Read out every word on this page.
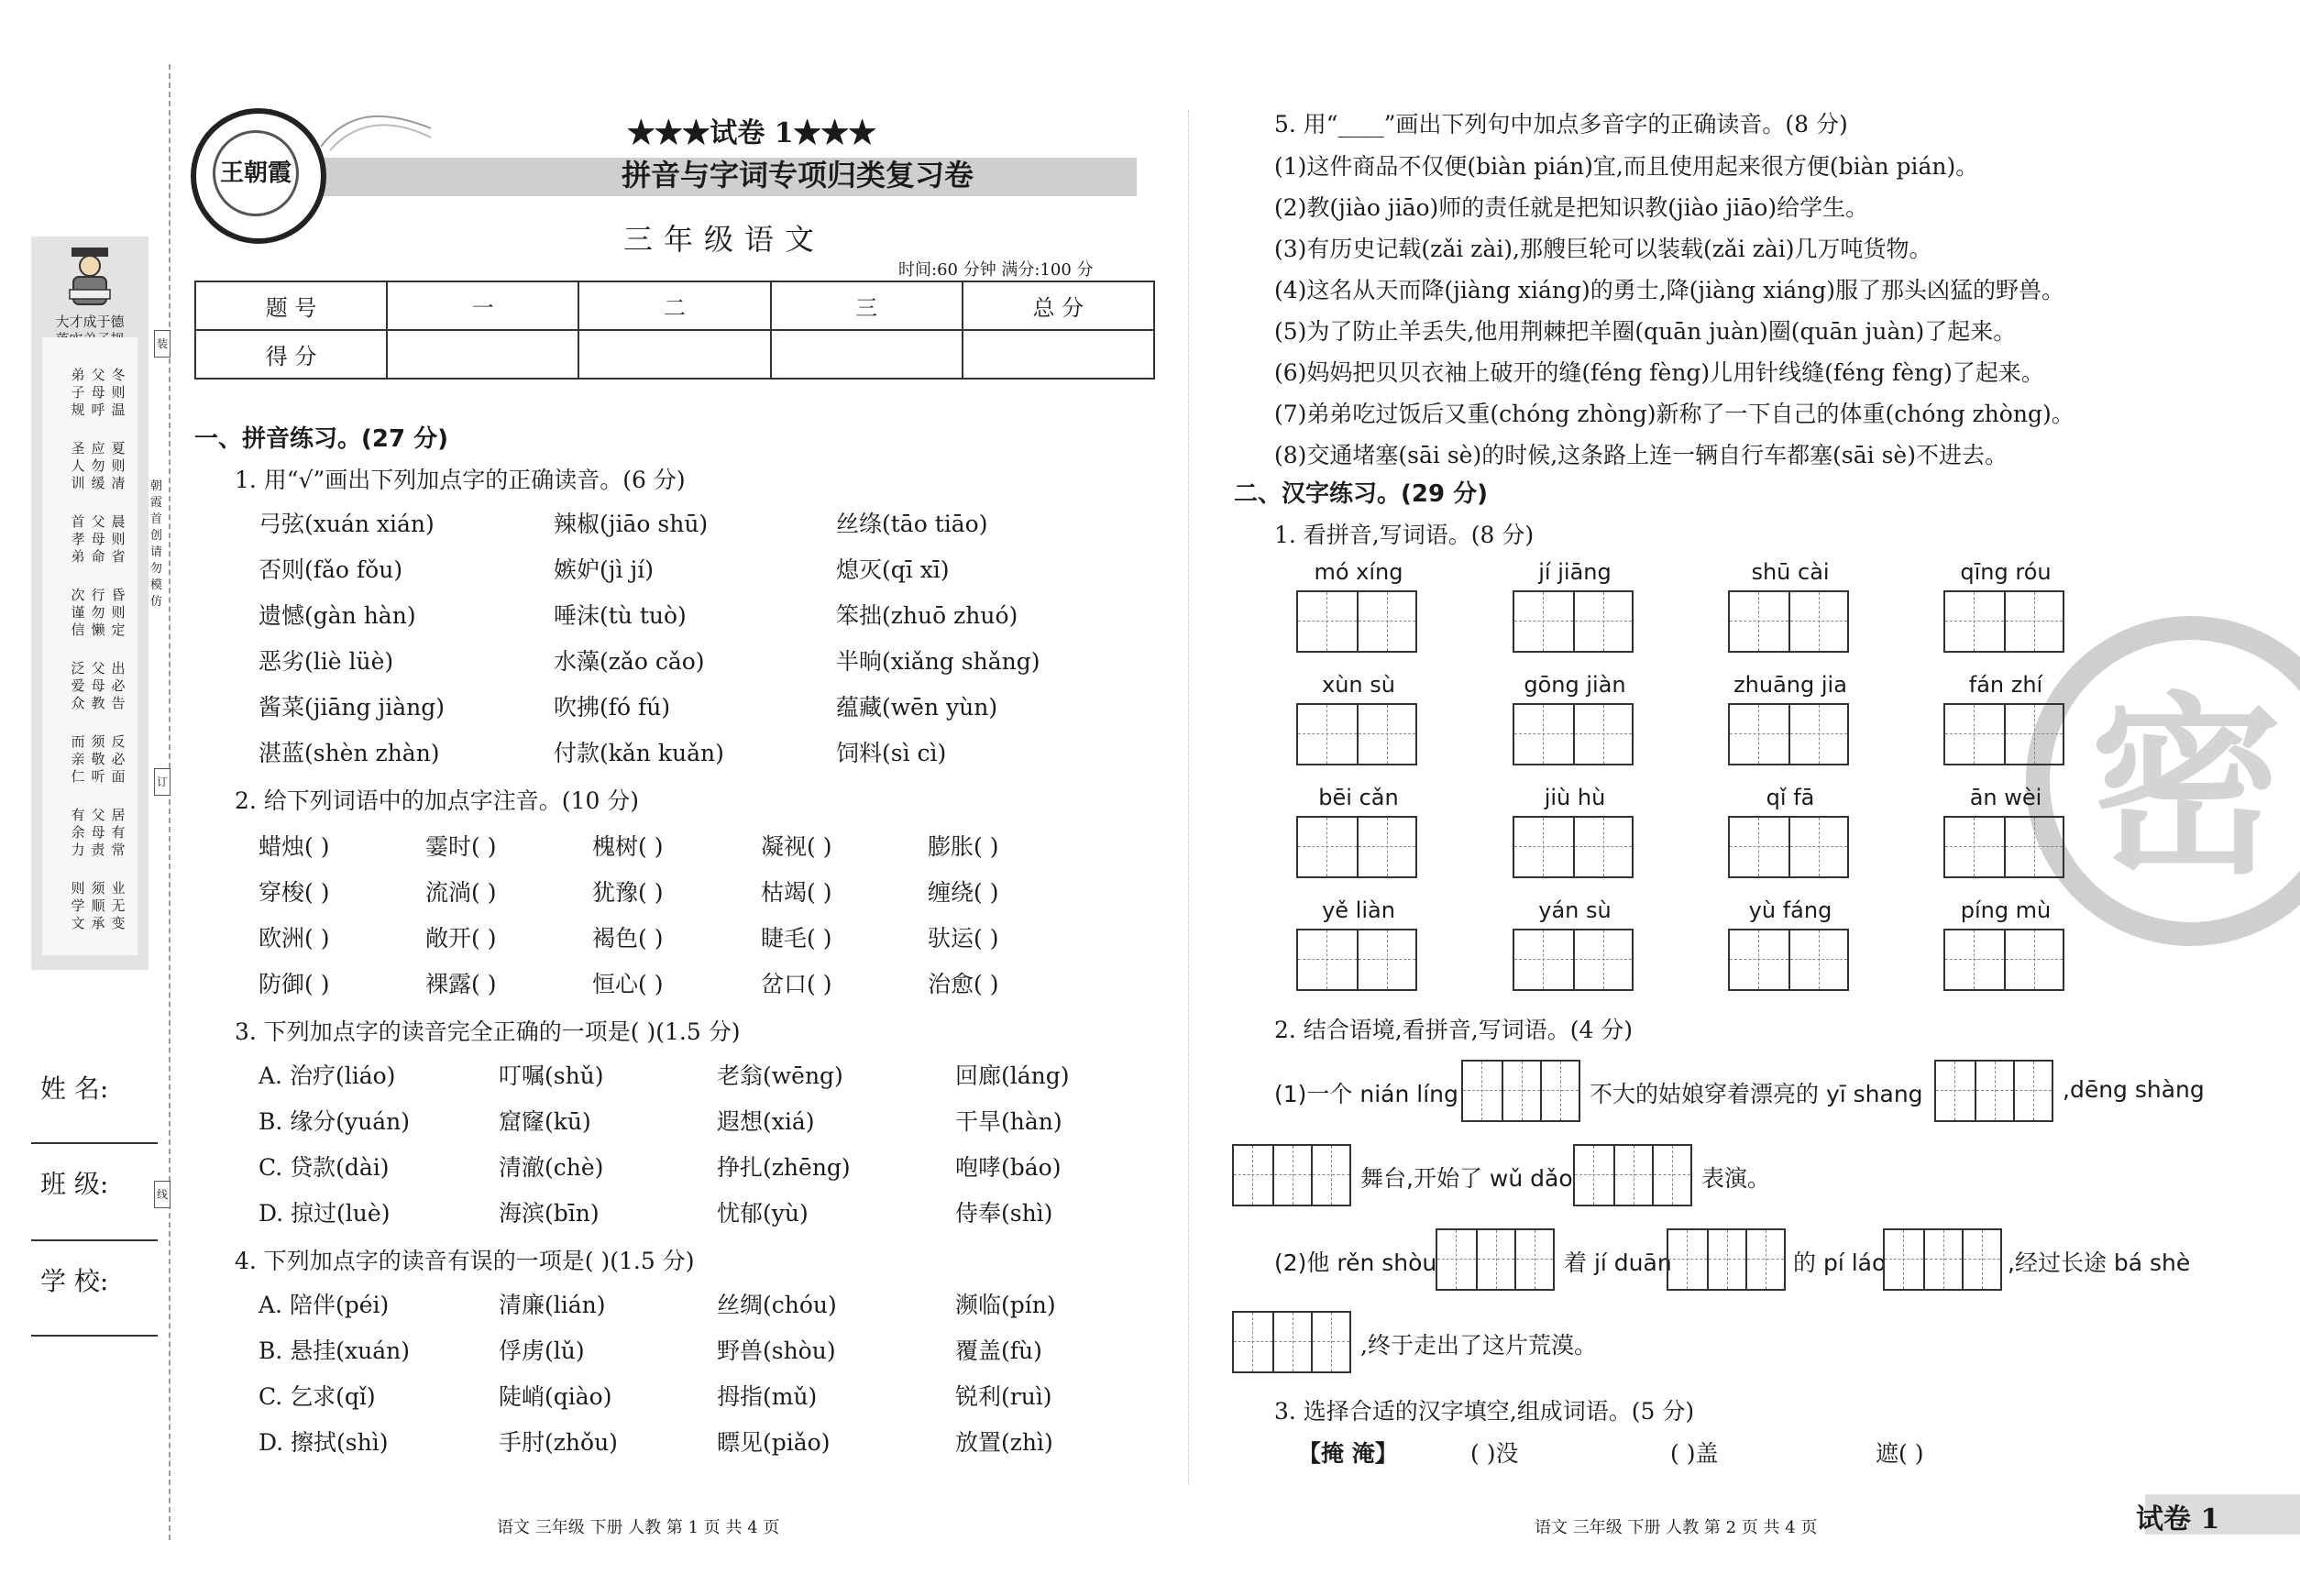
大才成于德
冬则温
父母呼
弟子规
夏则凊
应勿缓
圣人训
晨则省
父母命
首孝弟
昏则定
行勿懒
次谨信
出必告
父母教
泛爱众
反必面
须敬听
而亲仁
居有常
父母责
有余力
业无变
须顺承
则学文
装
订
线
朝霞首创 请勿模仿
姓 名:
班 级:
学 校:
王朝霞
★★★试卷 1★★★
拼音与字词专项归类复习卷
三年级语文
时间:60 分钟 满分:100 分
题 号	一	二	三	总 分
得 分				
一、拼音练习。(27 分)
1. 用“√”画出下列加点字的正确读音。(6 分)
弓弦(xuán xián)	辣椒(jiāo shū)	丝绦(tāo tiāo)
否则(fǎo fǒu)	嫉妒(jì jí)	熄灭(qī xī)
遗憾(gàn hàn)	唾沫(tù tuò)	笨拙(zhuō zhuó)
恶劣(liè lüè)	水藻(zǎo cǎo)	半晌(xiǎng shǎng)
酱菜(jiāng jiàng)	吹拂(fó fú)	蕴藏(wēn yùn)
湛蓝(shèn zhàn)	付款(kǎn kuǎn)	饲料(sì cì)
2. 给下列词语中的加点字注音。(10 分)
蜡烛( )	霎时( )	槐树( )	凝视( )	膨胀( )
穿梭( )	流淌( )	犹豫( )	枯竭( )	缠绕( )
欧洲( )	敞开( )	褐色( )	睫毛( )	驮运( )
防御( )	裸露( )	恒心( )	岔口( )	治愈( )
3. 下列加点字的读音完全正确的一项是( )(1.5 分)
A. 治疗(liáo)	叮嘱(shǔ)	老翁(wēng)	回廊(láng)
B. 缘分(yuán)	窟窿(kū)	遐想(xiá)	干旱(hàn)
C. 贷款(dài)	清澈(chè)	挣扎(zhēng)	咆哮(báo)
D. 掠过(luè)	海滨(bīn)	忧郁(yù)	侍奉(shì)
4. 下列加点字的读音有误的一项是( )(1.5 分)
A. 陪伴(péi)	清廉(lián)	丝绸(chóu)	濒临(pín)
B. 悬挂(xuán)	俘虏(lǔ)	野兽(shòu)	覆盖(fù)
C. 乞求(qǐ)	陡峭(qiào)	拇指(mǔ)	锐利(ruì)
D. 擦拭(shì)	手肘(zhǒu)	瞟见(piǎo)	放置(zhì)
密
5. 用“____”画出下列句中加点多音字的正确读音。(8 分)
(1)这件商品不仅便(biàn pián)宜,而且使用起来很方便(biàn pián)。
(2)教(jiào jiāo)师的责任就是把知识教(jiào jiāo)给学生。
(3)有历史记载(zǎi zài),那艘巨轮可以装载(zǎi zài)几万吨货物。
(4)这名从天而降(jiàng xiáng)的勇士,降(jiàng xiáng)服了那头凶猛的野兽。
(5)为了防止羊丢失,他用荆棘把羊圈(quān juàn)圈(quān juàn)了起来。
(6)妈妈把贝贝衣袖上破开的缝(féng fèng)儿用针线缝(féng fèng)了起来。
(7)弟弟吃过饭后又重(chóng zhòng)新称了一下自己的体重(chóng zhòng)。
(8)交通堵塞(sāi sè)的时候,这条路上连一辆自行车都塞(sāi sè)不进去。
二、汉字练习。(29 分)
1. 看拼音,写词语。(8 分)
mó xíng	jí jiāng	shū cài	qīng róu
xùn sù	gōng jiàn	zhuāng jia	fán zhí
bēi cǎn	jiù hù	qǐ fā	ān wèi
yě liàn	yán sù	yù fáng	píng mù
2. 结合语境,看拼音,写词语。(4 分)
(1)一个 nián líng	不大的姑娘穿着漂亮的 yī shang	,dēng shàng
舞台,开始了 wǔ dǎo	表演。
(2)他 rěn shòu	着 jí duān	的 pí láo	,经过长途 bá shè
,终于走出了这片荒漠。
3. 选择合适的汉字填空,组成词语。(5 分)
【掩 淹】	( )没	( )盖	遮( )
语文 三年级 下册 人教 第 1 页 共 4 页	语文 三年级 下册 人教 第 2 页 共 4 页	试卷 1
